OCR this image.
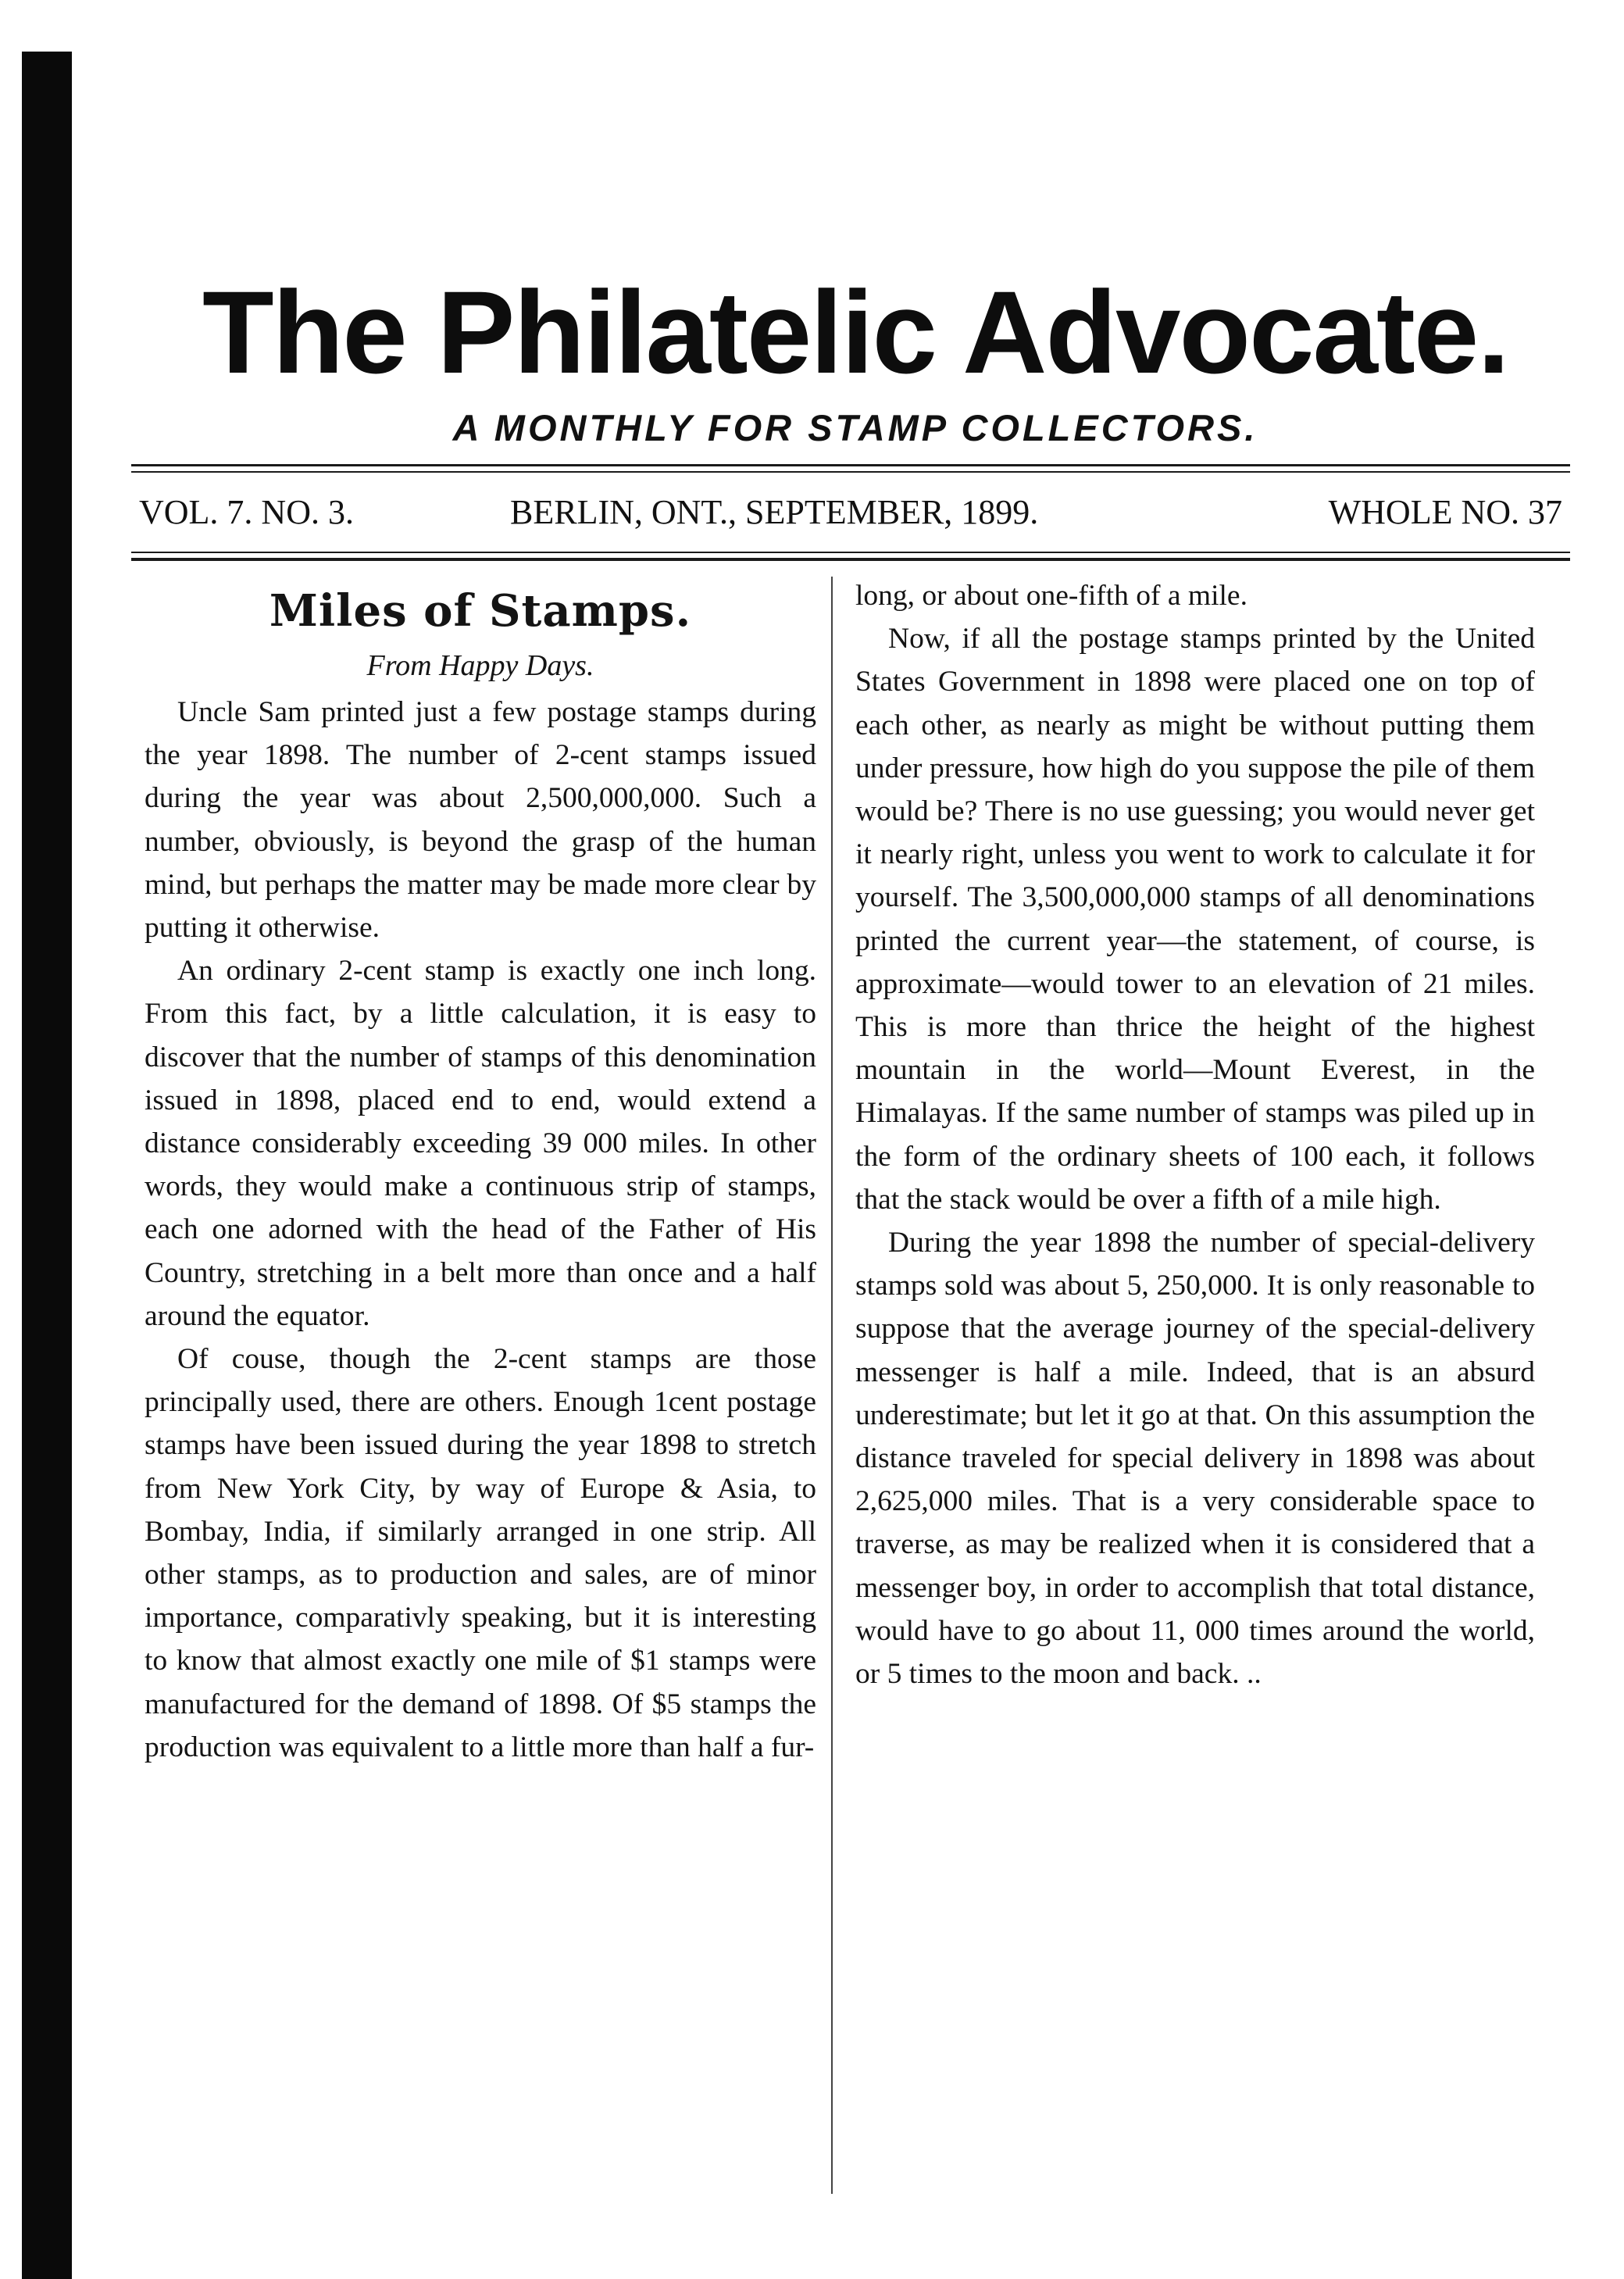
The Philatelic Advocate.
A MONTHLY FOR STAMP COLLECTORS.
VOL. 7. NO. 3.	BERLIN, ONT., SEPTEMBER, 1899.	WHOLE NO. 37
Miles of Stamps.
From Happy Days.

Uncle Sam printed just a few postage stamps during the year 1898. The number of 2-cent stamps issued during the year was about 2,500,000,000. Such a number, obviously, is beyond the grasp of the human mind, but perhaps the matter may be made more clear by putting it otherwise.

An ordinary 2-cent stamp is exactly one inch long. From this fact, by a little calculation, it is easy to discover that the number of stamps of this denomination issued in 1898, placed end to end, would extend a distance considerably exceeding 39 000 miles. In other words, they would make a continuous strip of stamps, each one adorned with the head of the Father of His Country, stretching in a belt more than once and a half around the equator.

Of couse, though the 2-cent stamps are those principally used, there are others. Enough 1cent postage stamps have been issued during the year 1898 to stretch from New York City, by way of Europe & Asia, to Bombay, India, if similarly arranged in one strip. All other stamps, as to production and sales, are of minor importance, comparativly speaking, but it is interesting to know that almost exactly one mile of $1 stamps were manufactured for the demand of 1898. Of $5 stamps the production was equivalent to a little more than half a fur-

long, or about one-fifth of a mile.

Now, if all the postage stamps printed by the United States Government in 1898 were placed one on top of each other, as nearly as might be without putting them under pressure, how high do you suppose the pile of them would be? There is no use guessing; you would never get it nearly right, unless you went to work to calculate it for yourself. The 3,500,000,000 stamps of all denominations printed the current year—the statement, of course, is approximate—would tower to an elevation of 21 miles. This is more than thrice the height of the highest mountain in the world—Mount Everest, in the Himalayas. If the same number of stamps was piled up in the form of the ordinary sheets of 100 each, it follows that the stack would be over a fifth of a mile high.

During the year 1898 the number of special-delivery stamps sold was about 5, 250,000. It is only reasonable to suppose that the average journey of the special-delivery messenger is half a mile. Indeed, that is an absurd underestimate; but let it go at that. On this assumption the distance traveled for special delivery in 1898 was about 2,625,000 miles. That is a very considerable space to traverse, as may be realized when it is considered that a messenger boy, in order to accomplish that total distance, would have to go about 11, 000 times around the world, or 5 times to the moon and back. ..
